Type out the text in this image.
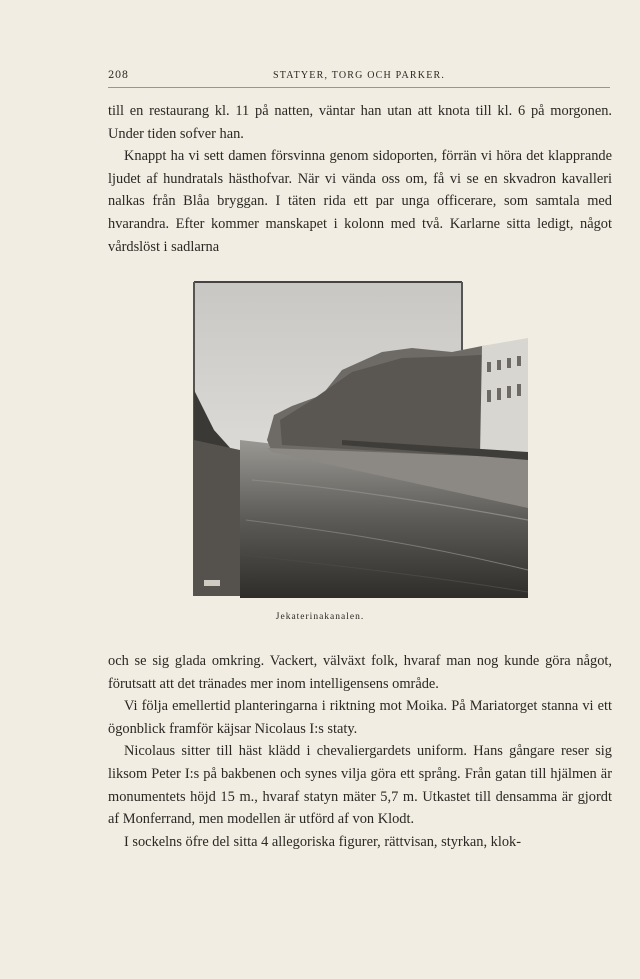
208	STATYER, TORG OCH PARKER.

till en restaurang kl. 11 på natten, väntar han utan att knota till kl. 6 på morgonen. Under tiden sofver han.

Knappt ha vi sett damen försvinna genom sidoporten, förrän vi höra det klapprande ljudet af hundratals hästhofvar. När vi vända oss om, få vi se en skvadron kavalleri nalkas från Blåa bryggan. I täten rida ett par unga officerare, som samtala med hvarandra. Efter kommer manskapet i kolonn med två. Karlarne sitta ledigt, något vårdslöst i sadlarna

Jekaterinakanalen.

och se sig glada omkring. Vackert, välväxt folk, hvaraf man nog kunde göra något, förutsatt att det tränades mer inom intelligensens område.

Vi följa emellertid planteringarna i riktning mot Moika. På Mariatorget stanna vi ett ögonblick framför käjsar Nicolaus I:s staty.

Nicolaus sitter till häst klädd i chevaliergardets uniform. Hans gångare reser sig liksom Peter I:s på bakbenen och synes vilja göra ett språng. Från gatan till hjälmen är monumentets höjd 15 m., hvaraf statyn mäter 5,7 m. Utkastet till densamma är gjordt af Monferrand, men modellen är utförd af von Klodt.

I sockelns öfre del sitta 4 allegoriska figurer, rättvisan, styrkan, klok-
